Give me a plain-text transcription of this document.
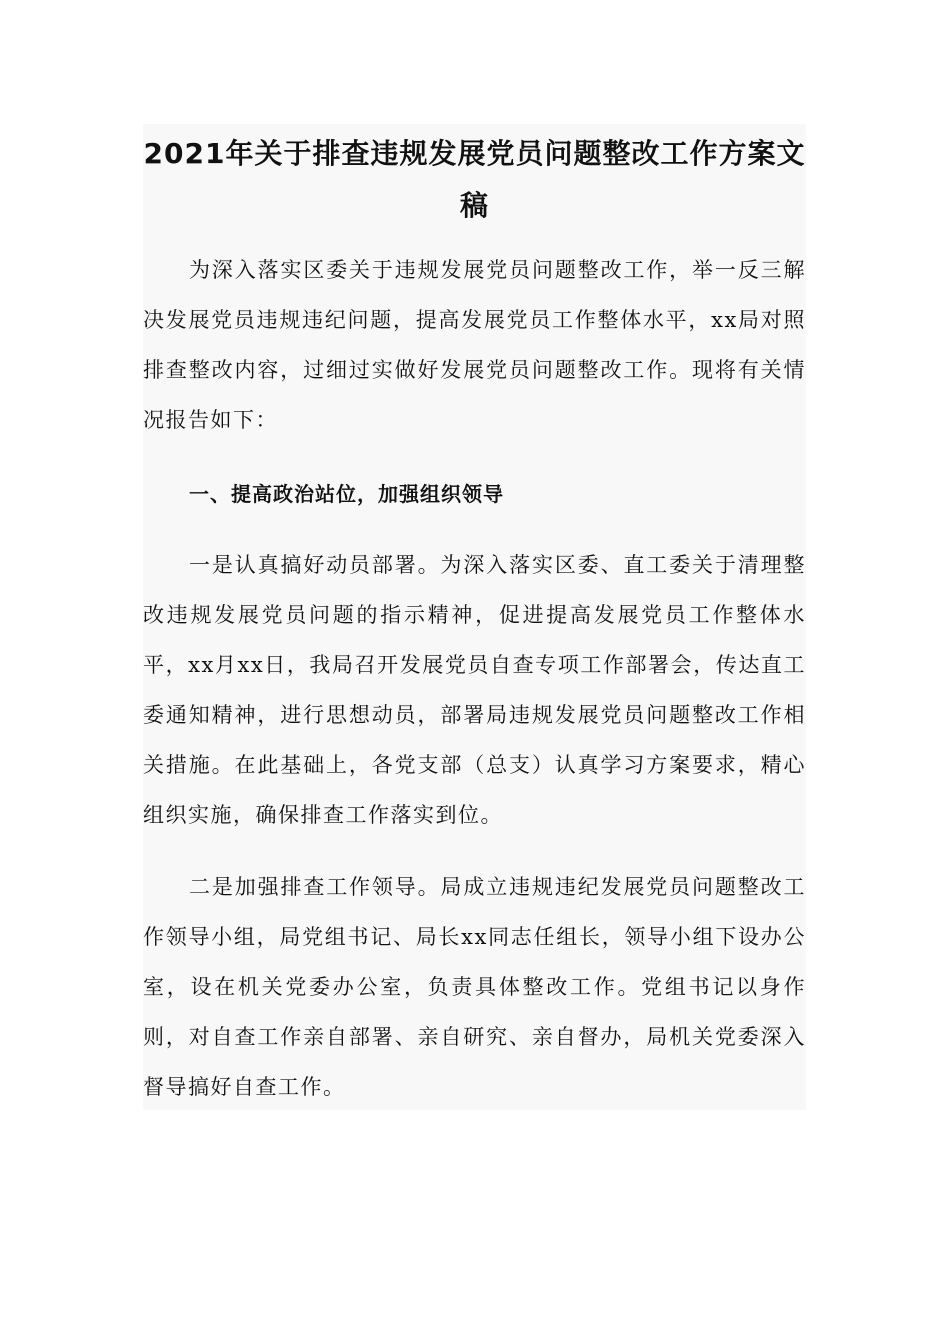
2021年关于排查违规发展党员问题整改工作方案文稿

为深入落实区委关于违规发展党员问题整改工作，举一反三解决发展党员违规违纪问题，提高发展党员工作整体水平，xx局对照排查整改内容，过细过实做好发展党员问题整改工作。现将有关情况报告如下：

一、提高政治站位，加强组织领导

一是认真搞好动员部署。为深入落实区委、直工委关于清理整改违规发展党员问题的指示精神，促进提高发展党员工作整体水平，xx月xx日，我局召开发展党员自查专项工作部署会，传达直工委通知精神，进行思想动员，部署局违规发展党员问题整改工作相关措施。在此基础上，各党支部（总支）认真学习方案要求，精心组织实施，确保排查工作落实到位。

二是加强排查工作领导。局成立违规违纪发展党员问题整改工作领导小组，局党组书记、局长xx同志任组长，领导小组下设办公室，设在机关党委办公室，负责具体整改工作。党组书记以身作则，对自查工作亲自部署、亲自研究、亲自督办，局机关党委深入督导搞好自查工作。
